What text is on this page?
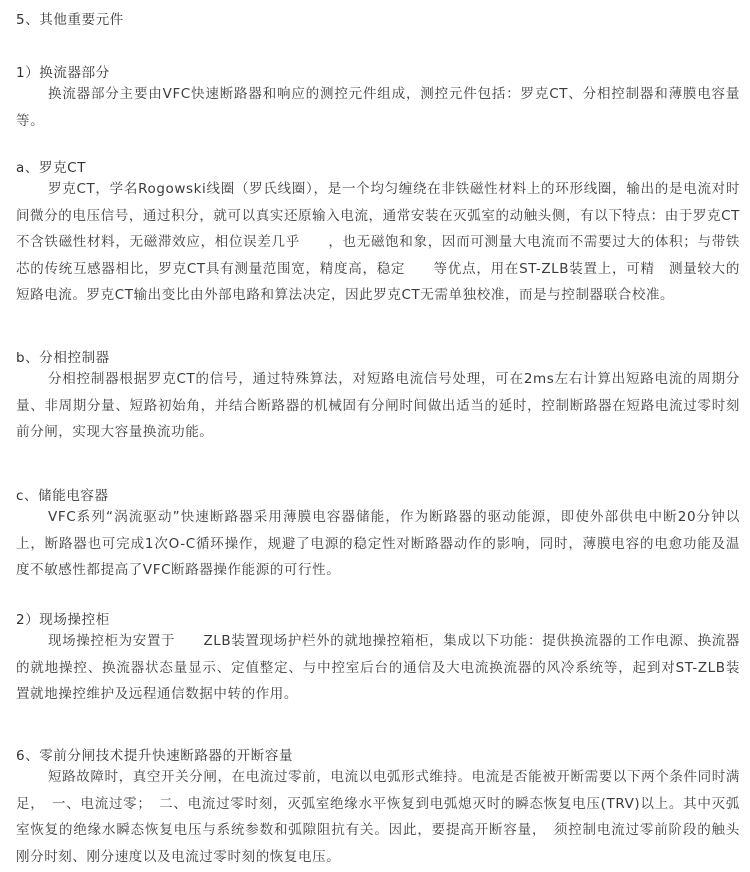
5、其他重要元件
1）换流器部分
换流器部分主要由VFC快速断路器和响应的测控元件组成，测控元件包括：罗克CT、分相控制器和薄膜电容量等。
a、罗克CT
罗克CT，学名Rogowski线圈（罗氏线圈），是一个均匀缠绕在非铁磁性材料上的环形线圈，输出的是电流对时间微分的电压信号，通过积分，就可以真实还原输入电流，通常安装在灭弧室的动触头侧，有以下特点：由于罗克CT不含铁磁性材料，无磁滞效应，相位误差几乎　　，也无磁饱和象，因而可测量大电流而不需要过大的体积；与带铁芯的传统互感器相比，罗克CT具有测量范围宽，精度高，稳定　　等优点，用在ST-ZLB装置上，可精　测量较大的短路电流。罗克CT输出变比由外部电路和算法决定，因此罗克CT无需单独校准，而是与控制器联合校准。
b、分相控制器
分相控制器根据罗克CT的信号，通过特殊算法，对短路电流信号处理，可在2ms左右计算出短路电流的周期分量、非周期分量、短路初始角，并结合断路器的机械固有分闸时间做出适当的延时，控制断路器在短路电流过零时刻前分闸，实现大容量换流功能。
c、储能电容器
VFC系列“涡流驱动”快速断路器采用薄膜电容器储能，作为断路器的驱动能源，即使外部供电中断20分钟以上，断路器也可完成1次O-C循环操作，规避了电源的稳定性对断路器动作的影响，同时，薄膜电容的电愈功能及温度不敏感性都提高了VFC断路器操作能源的可行性。
2）现场操控柜
现场操控柜为安置于　　ZLB装置现场护栏外的就地操控箱柜，集成以下功能：提供换流器的工作电源、换流器的就地操控、换流器状态量显示、定值整定、与中控室后台的通信及大电流换流器的风冷系统等，起到对ST-ZLB装置就地操控维护及远程通信数据中转的作用。
6、零前分闸技术提升快速断路器的开断容量
短路故障时，真空开关分闸，在电流过零前，电流以电弧形式维持。电流是否能被开断需要以下两个条件同时满足，　一、电流过零；　二、电流过零时刻，灭弧室绝缘水平恢复到电弧熄灭时的瞬态恢复电压(TRV)以上。其中灭弧室恢复的绝缘水瞬态恢复电压与系统参数和弧隙阻抗有关。因此，要提高开断容量，　须控制电流过零前阶段的触头刚分时刻、刚分速度以及电流过零时刻的恢复电压。
